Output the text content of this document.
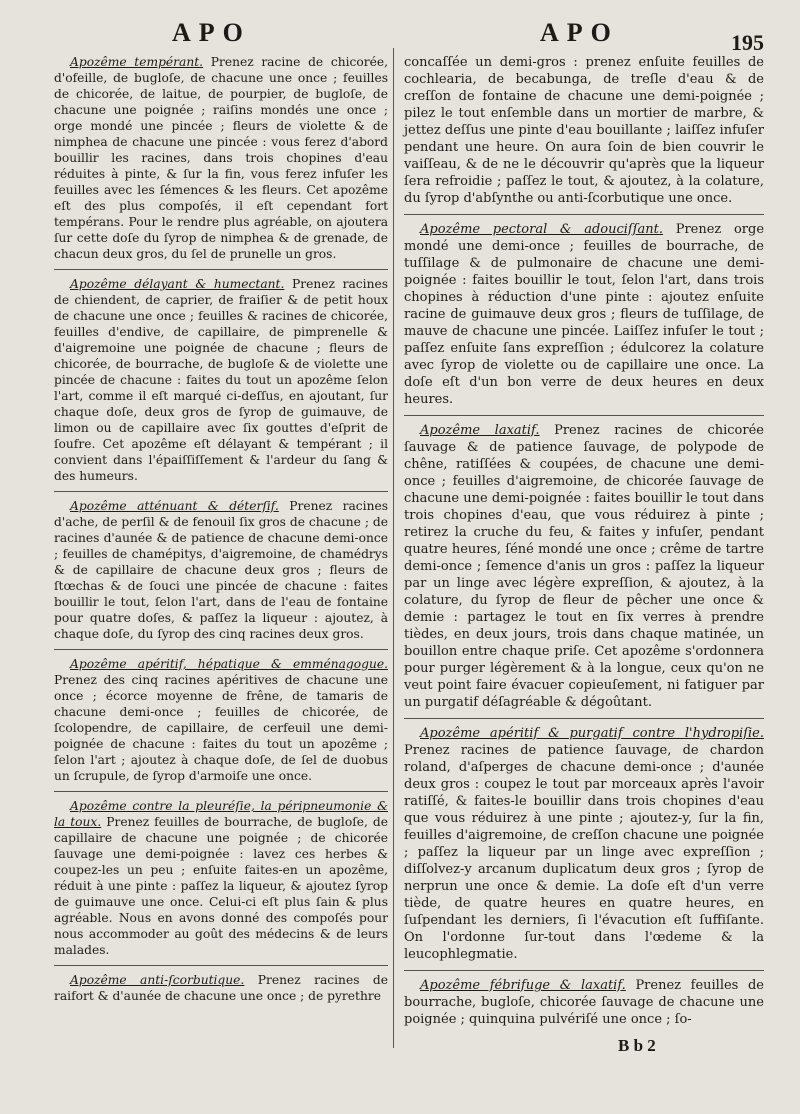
APO	APO	195

Apozême tempérant. Prenez racine de chicorée, d'ofeille, de bugloſe, de chacune une once ; feuilles de chicorée, de laitue, de pourpier, de bugloſe, de chacune une poignée ; raiſins mondés une once ; orge mondé une pincée ; fleurs de violette & de nimphea de chacune une pincée : vous ferez d'abord bouillir les racines, dans trois chopines d'eau réduites à pinte, & ſur la fin, vous ferez infuſer les feuilles avec les ſémences & les fleurs. Cet apozême eſt des plus compoſés, il eſt cependant fort tempérans. Pour le rendre plus agréable, on ajoutera ſur cette doſe du ſyrop de nimphea & de grenade, de chacun deux gros, du ſel de prunelle un gros.

Apozême délayant & humectant. Prenez racines de chiendent, de caprier, de fraiſier & de petit houx de chacune une once ; feuilles & racines de chicorée, feuilles d'endive, de capillaire, de pimprenelle & d'aigremoine une poignée de chacune ; fleurs de chicorée, de bourrache, de bugloſe & de violette une pincée de chacune : faites du tout un apozême ſelon l'art, comme il eſt marqué ci-deſſus, en ajoutant, ſur chaque doſe, deux gros de ſyrop de guimauve, de limon ou de capillaire avec ſix gouttes d'eſprit de ſoufre. Cet apozême eſt délayant & tempérant ; il convient dans l'épaiſſiſſement & l'ardeur du ſang & des humeurs.

Apozême atténuant & déterſif. Prenez racines d'ache, de perſil & de fenouil ſix gros de chacune ; de racines d'aunée & de patience de chacune demi-once ; feuilles de chamépitys, d'aigremoine, de chamédrys & de capillaire de chacune deux gros ; fleurs de ſtœchas & de ſouci une pincée de chacune : faites bouillir le tout, ſelon l'art, dans de l'eau de fontaine pour quatre doſes, & paſſez la liqueur : ajoutez, à chaque doſe, du ſyrop des cinq racines deux gros.

Apozême apéritif, hépatique & emménagogue. Prenez des cinq racines apéritives de chacune une once ; écorce moyenne de frêne, de tamaris de chacune demi-once ; feuilles de chicorée, de ſcolopendre, de capillaire, de cerfeuil une demi-poignée de chacune : faites du tout un apozême ; ſelon l'art ; ajoutez à chaque doſe, de ſel de duobus un ſcrupule, de ſyrop d'armoiſe une once.

Apozême contre la pleuréſie, la péripneumonie & la toux. Prenez feuilles de bourrache, de bugloſe, de capillaire de chacune une poignée ; de chicorée ſauvage une demi-poignée : lavez ces herbes & coupez-les un peu ; enſuite faites-en un apozême, réduit à une pinte : paſſez la liqueur, & ajoutez ſyrop de guimauve une once. Celui-ci eſt plus ſain & plus agréable. Nous en avons donné des compoſés pour nous accommoder au goût des médecins & de leurs malades.

Apozême anti-ſcorbutique. Prenez racines de raifort & d'aunée de chacune une once ; de pyrethre

concaſſée un demi-gros : prenez enſuite feuilles de cochlearia, de becabunga, de treſle d'eau & de creſſon de fontaine de chacune une demi-poignée ; pilez le tout enſemble dans un mortier de marbre, & jettez deſſus une pinte d'eau bouillante ; laiſſez infuſer pendant une heure. On aura ſoin de bien couvrir le vaiſſeau, & de ne le découvrir qu'après que la liqueur ſera refroidie ; paſſez le tout, & ajoutez, à la colature, du ſyrop d'abſynthe ou anti-ſcorbutique une once.

Apozême pectoral & adouciſſant. Prenez orge mondé une demi-once ; feuilles de bourrache, de tuſſilage & de pulmonaire de chacune une demi-poignée : faites bouillir le tout, ſelon l'art, dans trois chopines à réduction d'une pinte : ajoutez enſuite racine de guimauve deux gros ; fleurs de tuſſilage, de mauve de chacune une pincée. Laiſſez infuſer le tout ; paſſez enſuite ſans expreſſion ; édulcorez la colature avec ſyrop de violette ou de capillaire une once. La doſe eſt d'un bon verre de deux heures en deux heures.

Apozême laxatif. Prenez racines de chicorée ſauvage & de patience ſauvage, de polypode de chêne, ratiſſées & coupées, de chacune une demi-once ; feuilles d'aigremoine, de chicorée ſauvage de chacune une demi-poignée : faites bouillir le tout dans trois chopines d'eau, que vous réduirez à pinte ; retirez la cruche du feu, & faites y infuſer, pendant quatre heures, ſéné mondé une once ; crême de tartre demi-once ; ſemence d'anis un gros : paſſez la liqueur par un linge avec légère expreſſion, & ajoutez, à la colature, du ſyrop de fleur de pêcher une once & demie : partagez le tout en ſix verres à prendre tièdes, en deux jours, trois dans chaque matinée, un bouillon entre chaque priſe. Cet apozême s'ordonnera pour purger légèrement & à la longue, ceux qu'on ne veut point faire évacuer copieuſement, ni fatiguer par un purgatif déſagréable & dégoûtant.

Apozême apéritif & purgatif contre l'hydropiſie. Prenez racines de patience ſauvage, de chardon roland, d'aſperges de chacune demi-once ; d'aunée deux gros : coupez le tout par morceaux après l'avoir ratiſſé, & faites-le bouillir dans trois chopines d'eau que vous réduirez à une pinte ; ajoutez-y, ſur la fin, feuilles d'aigremoine, de creſſon chacune une poignée ; paſſez la liqueur par un linge avec expreſſion ; diſſolvez-y arcanum duplicatum deux gros ; ſyrop de nerprun une once & demie. La doſe eſt d'un verre tiède, de quatre heures en quatre heures, en ſuſpendant les derniers, ſi l'évacution eſt ſuffiſante. On l'ordonne ſur-tout dans l'œdeme & la leucophlegmatie.

Apozême fébrifuge & laxatif. Prenez feuilles de bourrache, bugloſe, chicorée ſauvage de chacune une poignée ; quinquina pulvériſé une once ; ſo-

B b 2
